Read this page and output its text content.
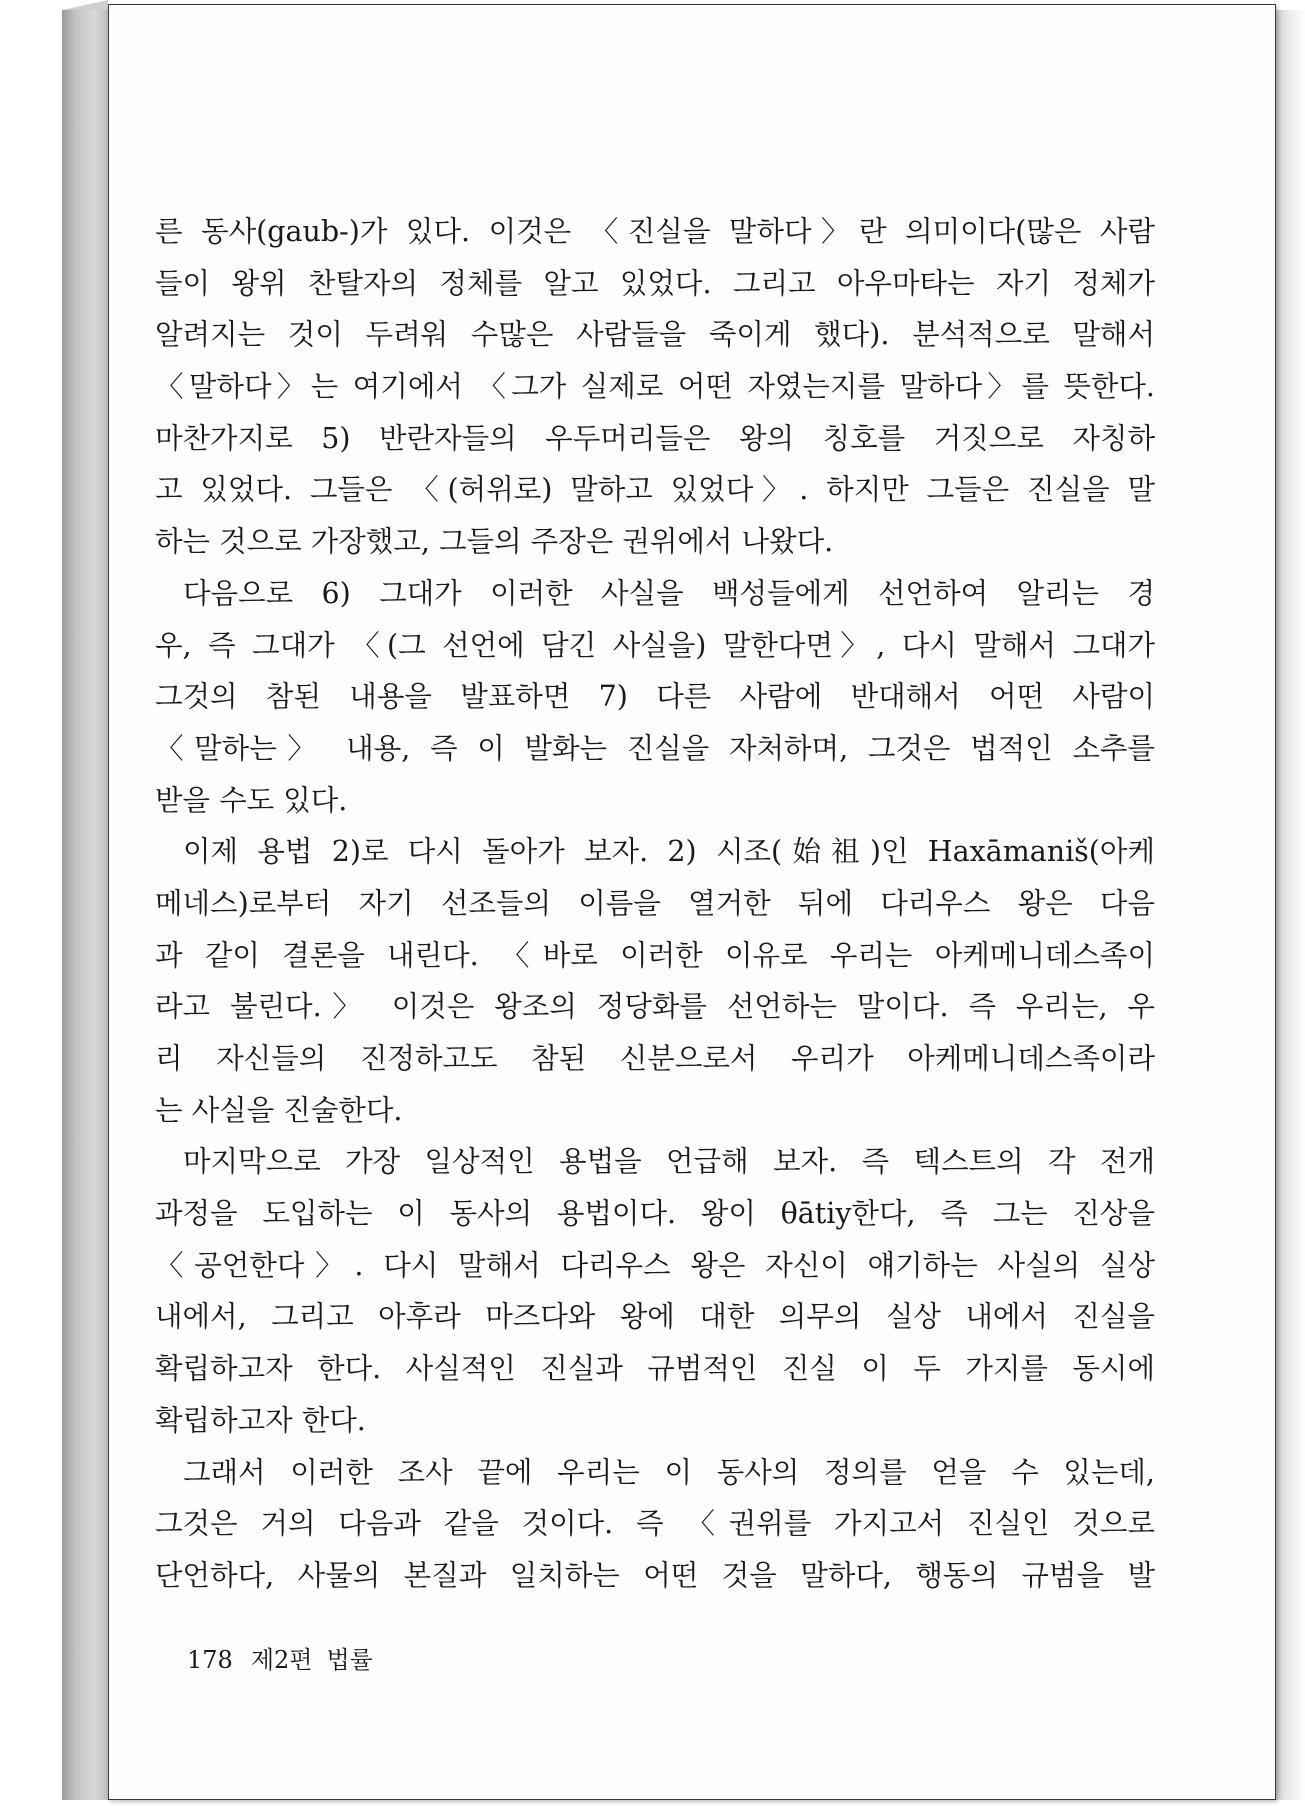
른 동사(gaub-)가 있다. 이것은 〈진실을 말하다〉란 의미이다(많은 사람
들이 왕위 찬탈자의 정체를 알고 있었다. 그리고 아우마타는 자기 정체가
알려지는 것이 두려워 수많은 사람들을 죽이게 했다). 분석적으로 말해서
〈말하다〉는 여기에서 〈그가 실제로 어떤 자였는지를 말하다〉를 뜻한다.
마찬가지로 5) 반란자들의 우두머리들은 왕의 칭호를 거짓으로 자칭하
고 있었다. 그들은 〈(허위로) 말하고 있었다〉. 하지만 그들은 진실을 말
하는 것으로 가장했고, 그들의 주장은 권위에서 나왔다.
다음으로 6) 그대가 이러한 사실을 백성들에게 선언하여 알리는 경
우, 즉 그대가 〈(그 선언에 담긴 사실을) 말한다면〉, 다시 말해서 그대가
그것의 참된 내용을 발표하면 7) 다른 사람에 반대해서 어떤 사람이
〈말하는〉 내용, 즉 이 발화는 진실을 자처하며, 그것은 법적인 소추를
받을 수도 있다.
이제 용법 2)로 다시 돌아가 보자. 2) 시조(始祖)인 Haxāmaniš(아케
메네스)로부터 자기 선조들의 이름을 열거한 뒤에 다리우스 왕은 다음
과 같이 결론을 내린다. 〈바로 이러한 이유로 우리는 아케메니데스족이
라고 불린다.〉 이것은 왕조의 정당화를 선언하는 말이다. 즉 우리는, 우
리 자신들의 진정하고도 참된 신분으로서 우리가 아케메니데스족이라
는 사실을 진술한다.
마지막으로 가장 일상적인 용법을 언급해 보자. 즉 텍스트의 각 전개
과정을 도입하는 이 동사의 용법이다. 왕이 θātiy한다, 즉 그는 진상을
〈공언한다〉. 다시 말해서 다리우스 왕은 자신이 얘기하는 사실의 실상
내에서, 그리고 아후라 마즈다와 왕에 대한 의무의 실상 내에서 진실을
확립하고자 한다. 사실적인 진실과 규범적인 진실 이 두 가지를 동시에
확립하고자 한다.
그래서 이러한 조사 끝에 우리는 이 동사의 정의를 얻을 수 있는데,
그것은 거의 다음과 같을 것이다. 즉 〈권위를 가지고서 진실인 것으로
단언하다, 사물의 본질과 일치하는 어떤 것을 말하다, 행동의 규범을 발
178 제2편 법률
